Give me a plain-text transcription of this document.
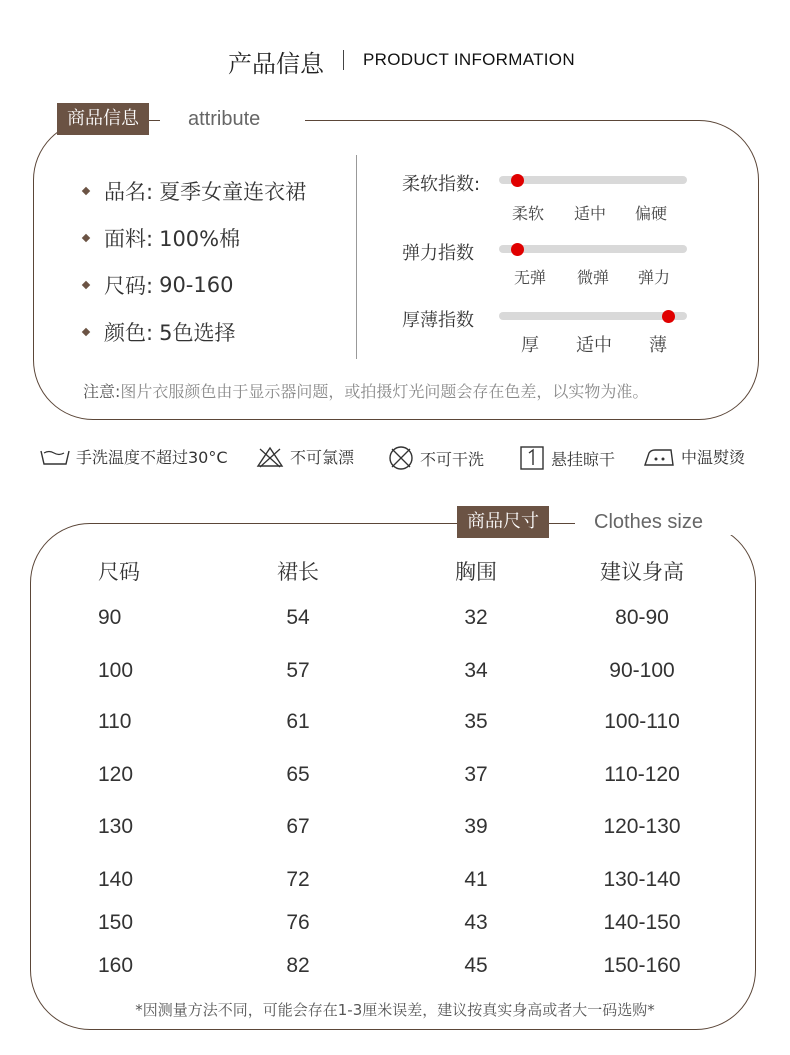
产品信息 PRODUCT INFORMATION
商品信息	attribute
品名: 夏季女童连衣裙
面料: 100%棉
尺码: 90-160
颜色: 5色选择
柔软指数:
柔软	适中	偏硬
弹力指数
无弹	微弹	弹力
厚薄指数
厚	适中	薄
注意:图片衣服颜色由于显示器问题，或拍摄灯光问题会存在色差，以实物为准。
手洗温度不超过30°C	不可氯漂	不可干洗	悬挂晾干	中温熨烫
商品尺寸	Clothes size
尺码	裙长	胸围	建议身高
90	54	32	80-90
100	57	34	90-100
110	61	35	100-110
120	65	37	110-120
130	67	39	120-130
140	72	41	130-140
150	76	43	140-150
160	82	45	150-160
*因测量方法不同，可能会存在1-3厘米误差，建议按真实身高或者大一码选购*
